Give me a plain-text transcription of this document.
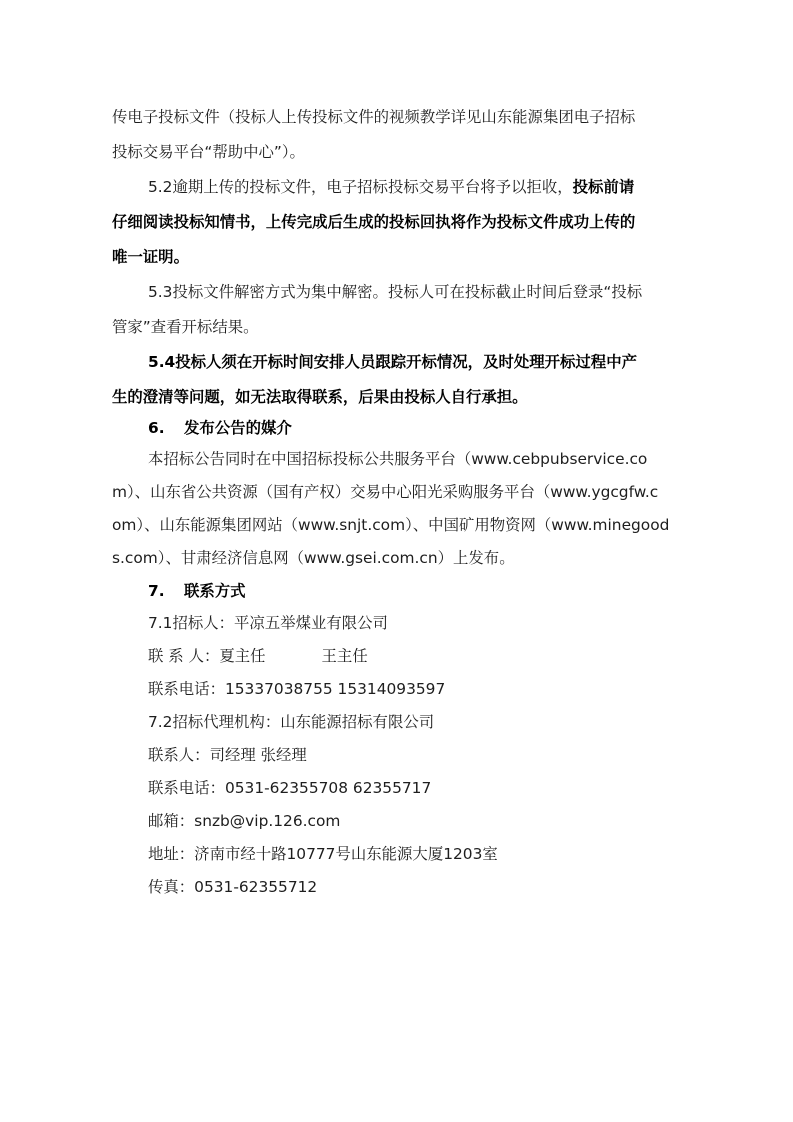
传电子投标文件（投标人上传投标文件的视频教学详见山东能源集团电子招标

投标交易平台“帮助中心”）。

5.2逾期上传的投标文件，电子招标投标交易平台将予以拒收，投标前请

仔细阅读投标知情书，上传完成后生成的投标回执将作为投标文件成功上传的

唯一证明。

5.3投标文件解密方式为集中解密。投标人可在投标截止时间后登录“投标

管家”查看开标结果。

5.4投标人须在开标时间安排人员跟踪开标情况，及时处理开标过程中产

生的澄清等问题，如无法取得联系，后果由投标人自行承担。

6. 发布公告的媒介

本招标公告同时在中国招标投标公共服务平台（www.cebpubservice.co

m）、山东省公共资源（国有产权）交易中心阳光采购服务平台（www.ygcgfw.c

om）、山东能源集团网站（www.snjt.com）、中国矿用物资网（www.minegood

s.com）、甘肃经济信息网（www.gsei.com.cn）上发布。

7. 联系方式

7.1招标人：平凉五举煤业有限公司

联 系 人：夏主任	王主任

联系电话：15337038755 15314093597

7.2招标代理机构：山东能源招标有限公司

联系人：司经理 张经理

联系电话：0531-62355708 62355717

邮箱：snzb@vip.126.com

地址：济南市经十路10777号山东能源大厦1203室

传真：0531-62355712
